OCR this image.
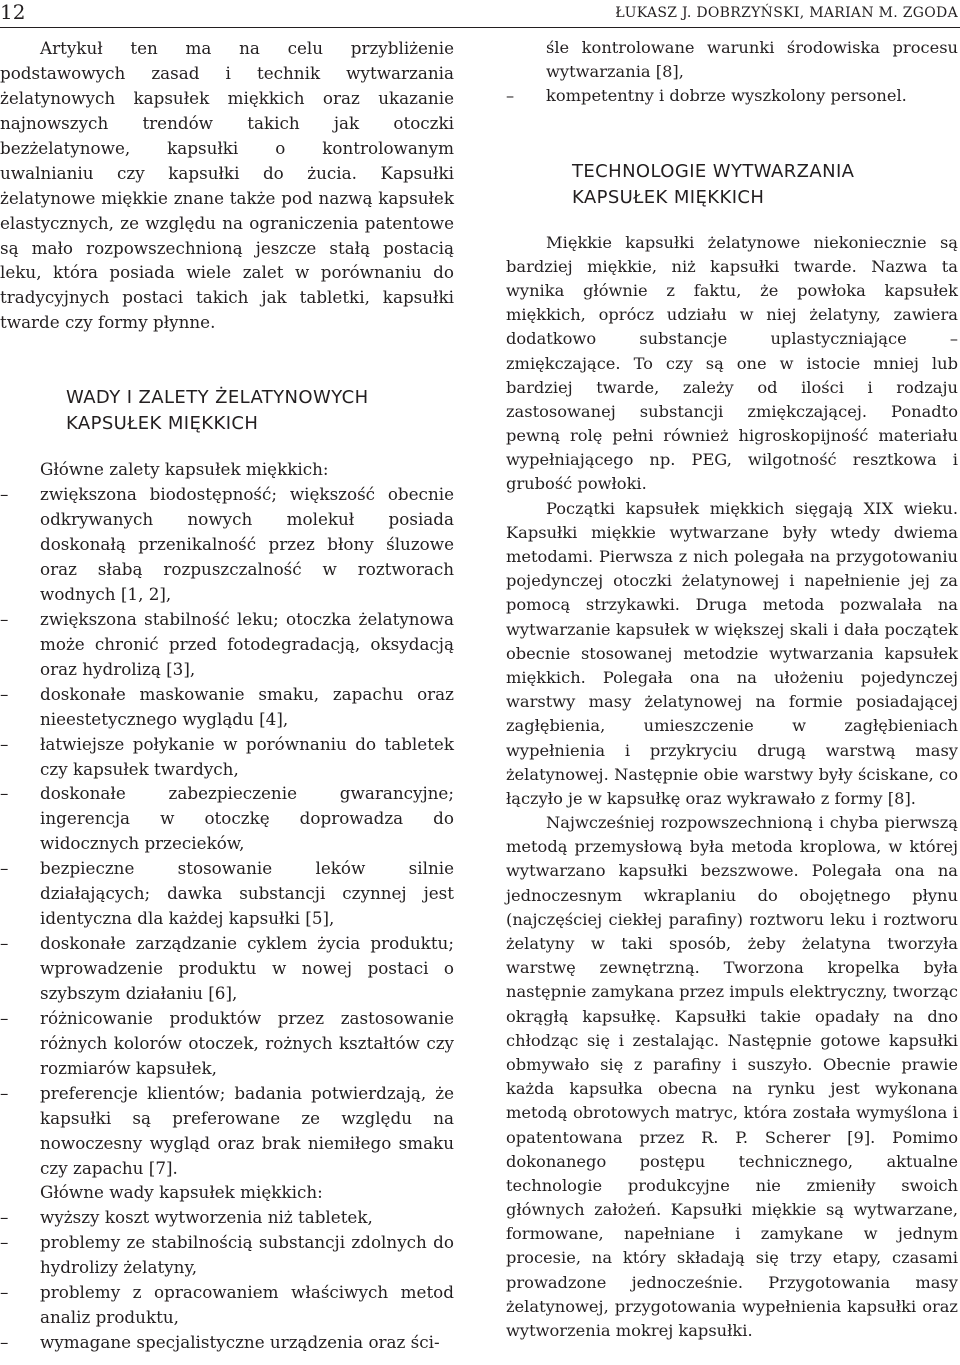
12	ŁUKASZ J. DOBRZYŃSKI, MARIAN M. ZGODA

Artykuł ten ma na celu przybliżenie podstawowych zasad i technik wytwarzania żelatynowych kapsułek miękkich oraz ukazanie najnowszych trendów takich jak otoczki bezżelatynowe, kapsułki o kontrolowanym uwalnianiu czy kapsułki do żucia. Kapsułki żelatynowe miękkie znane także pod nazwą kapsułek elastycznych, ze względu na ograniczenia patentowe są mało rozpowszechnioną jeszcze stałą postacią leku, która posiada wiele zalet w porównaniu do tradycyjnych postaci takich jak tabletki, kapsułki twarde czy formy płynne.

WADY I ZALETY ŻELATYNOWYCH
KAPSUŁEK MIĘKKICH

Główne zalety kapsułek miękkich:

– zwiększona biodostępność; większość obecnie odkrywanych nowych molekuł posiada doskonałą przenikalność przez błony śluzowe oraz słabą rozpuszczalność w roztworach wodnych [1, 2],
– zwiększona stabilność leku; otoczka żelatynowa może chronić przed fotodegradacją, oksydacją oraz hydrolizą [3],
– doskonałe maskowanie smaku, zapachu oraz nieestetycznego wyglądu [4],
– łatwiejsze połykanie w porównaniu do tabletek czy kapsułek twardych,
– doskonałe zabezpieczenie gwarancyjne; ingerencja w otoczkę doprowadza do widocznych przecieków,
– bezpieczne stosowanie leków silnie działających; dawka substancji czynnej jest identyczna dla każdej kapsułki [5],
– doskonałe zarządzanie cyklem życia produktu; wprowadzenie produktu w nowej postaci o szybszym działaniu [6],
– różnicowanie produktów przez zastosowanie różnych kolorów otoczek, rożnych kształtów czy rozmiarów kapsułek,
– preferencje klientów; badania potwierdzają, że kapsułki są preferowane ze względu na nowoczesny wygląd oraz brak niemiłego smaku czy zapachu [7].

Główne wady kapsułek miękkich:

– wyższy koszt wytworzenia niż tabletek,
– problemy ze stabilnością substancji zdolnych do hydrolizy żelatyny,
– problemy z opracowaniem właściwych metod analiz produktu,
– wymagane specjalistyczne urządzenia oraz ści-

śle kontrolowane warunki środowiska procesu wytwarzania [8],

– kompetentny i dobrze wyszkolony personel.
TECHNOLOGIE WYTWARZANIA
KAPSUŁEK MIĘKKICH

Miękkie kapsułki żelatynowe niekoniecznie są bardziej miękkie, niż kapsułki twarde. Nazwa ta wynika głównie z faktu, że powłoka kapsułek miękkich, oprócz udziału w niej żelatyny, zawiera dodatkowo substancje uplastyczniające – zmiękczające. To czy są one w istocie mniej lub bardziej twarde, zależy od ilości i rodzaju zastosowanej substancji zmiękczającej. Ponadto pewną rolę pełni również higroskopijność materiału wypełniającego np. PEG, wilgotność resztkowa i grubość powłoki.

Początki kapsułek miękkich sięgają XIX wieku. Kapsułki miękkie wytwarzane były wtedy dwiema metodami. Pierwsza z nich polegała na przygotowaniu pojedynczej otoczki żelatynowej i napełnienie jej za pomocą strzykawki. Druga metoda pozwalała na wytwarzanie kapsułek w większej skali i dała początek obecnie stosowanej metodzie wytwarzania kapsułek miękkich. Polegała ona na ułożeniu pojedynczej warstwy masy żelatynowej na formie posiadającej zagłębienia, umieszczenie w zagłębieniach wypełnienia i przykryciu drugą warstwą masy żelatynowej. Następnie obie warstwy były ściskane, co łączyło je w kapsułkę oraz wykrawało z formy [8].

Najwcześniej rozpowszechnioną i chyba pierwszą metodą przemysłową była metoda kroplowa, w której wytwarzano kapsułki bezszwowe. Polegała ona na jednoczesnym wkraplaniu do obojętnego płynu (najczęściej ciekłej parafiny) roztworu leku i roztworu żelatyny w taki sposób, żeby żelatyna tworzyła warstwę zewnętrzną. Tworzona kropelka była następnie zamykana przez impuls elektryczny, tworząc okrągłą kapsułkę. Kapsułki takie opadały na dno chłodząc się i zestalając. Następnie gotowe kapsułki obmywało się z parafiny i suszyło. Obecnie prawie każda kapsułka obecna na rynku jest wykonana metodą obrotowych matryc, która została wymyślona i opatentowana przez R. P. Scherer [9]. Pomimo dokonanego postępu technicznego, aktualne technologie produkcyjne nie zmieniły swoich głównych założeń. Kapsułki miękkie są wytwarzane, formowane, napełniane i zamykane w jednym procesie, na który składają się trzy etapy, czasami prowadzone jednocześnie. Przygotowania masy żelatynowej, przygotowania wypełnienia kapsułki oraz wytworzenia mokrej kapsułki.
